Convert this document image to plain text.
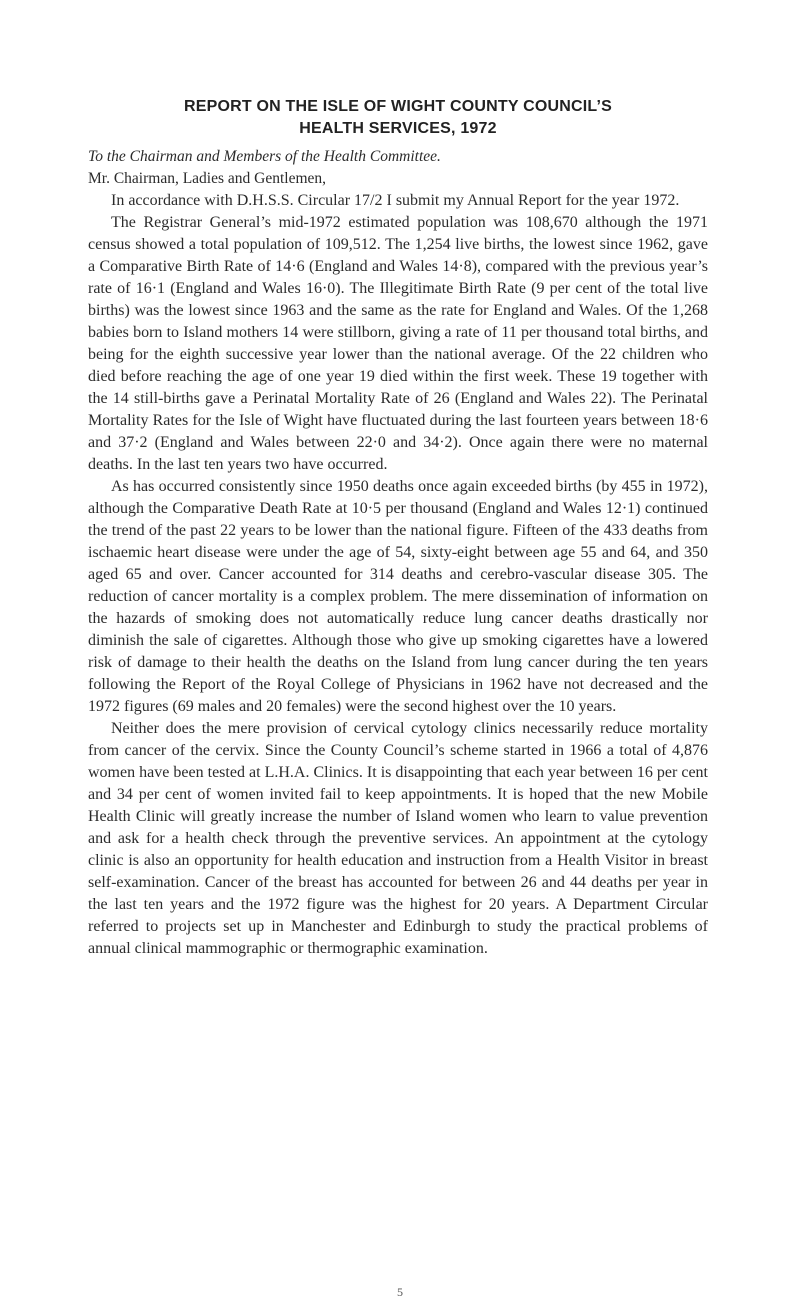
REPORT ON THE ISLE OF WIGHT COUNTY COUNCIL’S
HEALTH SERVICES, 1972
To the Chairman and Members of the Health Committee.
Mr. Chairman, Ladies and Gentlemen,

In accordance with D.H.S.S. Circular 17/2 I submit my Annual Report for the year 1972.

The Registrar General’s mid-1972 estimated population was 108,670 although the 1971 census showed a total population of 109,512. The 1,254 live births, the lowest since 1962, gave a Comparative Birth Rate of 14·6 (England and Wales 14·8), compared with the previous year’s rate of 16·1 (England and Wales 16·0). The Illegitimate Birth Rate (9 per cent of the total live births) was the lowest since 1963 and the same as the rate for England and Wales. Of the 1,268 babies born to Island mothers 14 were stillborn, giving a rate of 11 per thousand total births, and being for the eighth successive year lower than the national average. Of the 22 children who died before reaching the age of one year 19 died within the first week. These 19 together with the 14 still-births gave a Perinatal Mortality Rate of 26 (England and Wales 22). The Perinatal Mortality Rates for the Isle of Wight have fluctuated during the last fourteen years between 18·6 and 37·2 (England and Wales between 22·0 and 34·2). Once again there were no maternal deaths. In the last ten years two have occurred.

As has occurred consistently since 1950 deaths once again exceeded births (by 455 in 1972), although the Comparative Death Rate at 10·5 per thousand (England and Wales 12·1) continued the trend of the past 22 years to be lower than the national figure. Fifteen of the 433 deaths from ischaemic heart disease were under the age of 54, sixty-eight between age 55 and 64, and 350 aged 65 and over. Cancer accounted for 314 deaths and cerebro-vascular disease 305. The reduction of cancer mortality is a complex problem. The mere dissemination of information on the hazards of smoking does not automatically reduce lung cancer deaths drastically nor diminish the sale of cigarettes. Although those who give up smoking cigarettes have a lowered risk of damage to their health the deaths on the Island from lung cancer during the ten years following the Report of the Royal College of Physicians in 1962 have not decreased and the 1972 figures (69 males and 20 females) were the second highest over the 10 years.

Neither does the mere provision of cervical cytology clinics necessarily reduce mortality from cancer of the cervix. Since the County Council’s scheme started in 1966 a total of 4,876 women have been tested at L.H.A. Clinics. It is disappointing that each year between 16 per cent and 34 per cent of women invited fail to keep appointments. It is hoped that the new Mobile Health Clinic will greatly increase the number of Island women who learn to value prevention and ask for a health check through the preventive services. An appointment at the cytology clinic is also an opportunity for health education and instruction from a Health Visitor in breast self-examination. Cancer of the breast has accounted for between 26 and 44 deaths per year in the last ten years and the 1972 figure was the highest for 20 years. A Department Circular referred to projects set up in Manchester and Edinburgh to study the practical problems of annual clinical mammographic or thermographic examination.

5
